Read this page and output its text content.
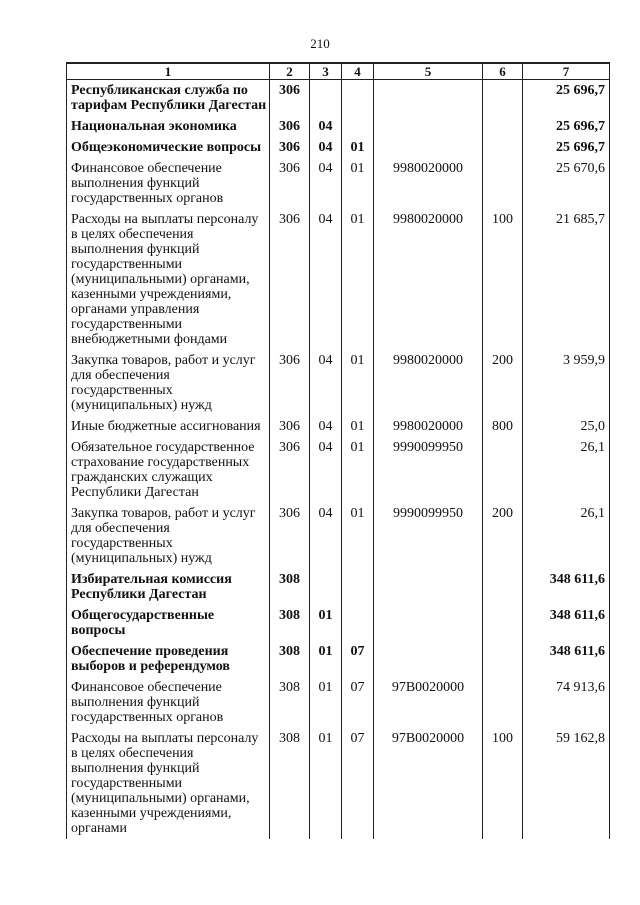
210
1	2	3	4	5	6	7
Республиканская служба по тарифам Республики Дагестан	306					25 696,7
Национальная экономика	306	04				25 696,7
Общеэкономические вопросы	306	04	01			25 696,7
Финансовое обеспечение выполнения функций государственных органов	306	04	01	9980020000		25 670,6
Расходы на выплаты персоналу в целях обеспечения выполнения функций государственными (муниципальными) органами, казенными учреждениями, органами управления государственными внебюджетными фондами	306	04	01	9980020000	100	21 685,7
Закупка товаров, работ и услуг для обеспечения государственных (муниципальных) нужд	306	04	01	9980020000	200	3 959,9
Иные бюджетные ассигнования	306	04	01	9980020000	800	25,0
Обязательное государственное страхование государственных гражданских служащих Республики Дагестан	306	04	01	9990099950		26,1
Закупка товаров, работ и услуг для обеспечения государственных (муниципальных) нужд	306	04	01	9990099950	200	26,1
Избирательная комиссия Республики Дагестан	308					348 611,6
Общегосударственные вопросы	308	01				348 611,6
Обеспечение проведения выборов и референдумов	308	01	07			348 611,6
Финансовое обеспечение выполнения функций государственных органов	308	01	07	97В0020000		74 913,6
Расходы на выплаты персоналу в целях обеспечения выполнения функций государственными (муниципальными) органами, казенными учреждениями, органами	308	01	07	97В0020000	100	59 162,8
